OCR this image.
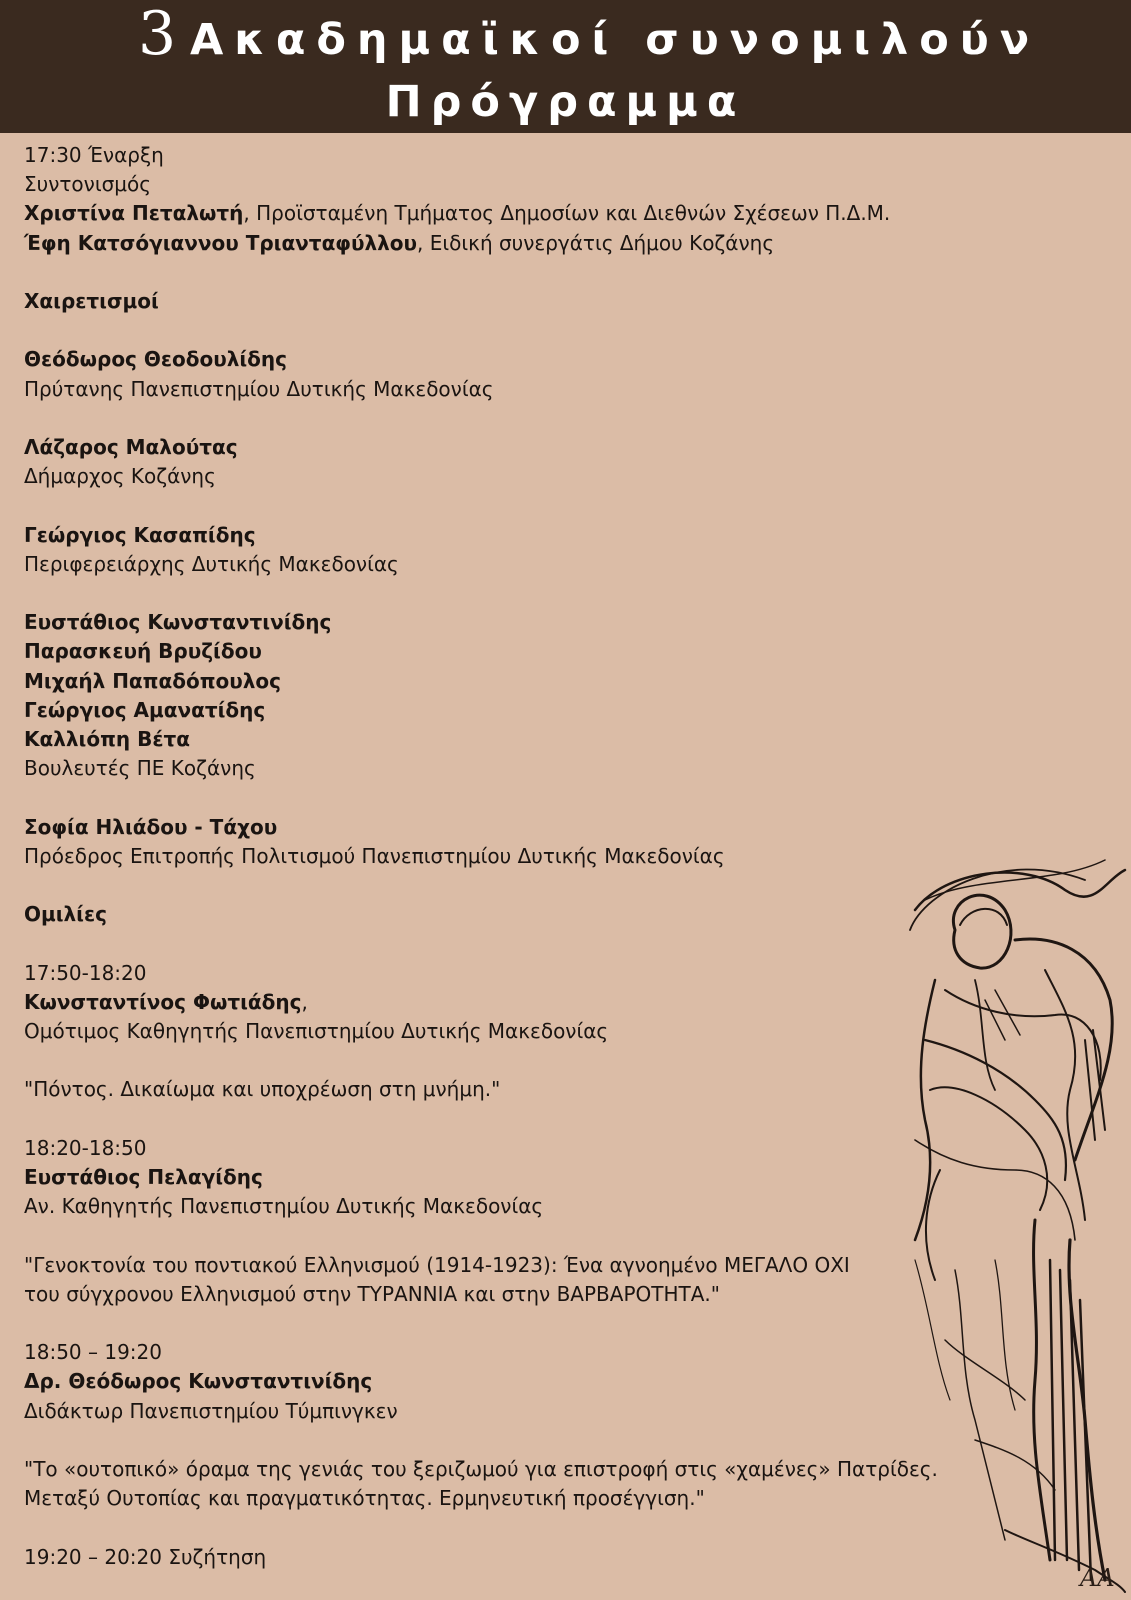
3 Ακαδημαϊκοί συνομιλούν
Πρόγραμμα
17:30 Έναρξη
Συντονισμός
Χριστίνα Πεταλωτή, Προϊσταμένη Τμήματος Δημοσίων και Διεθνών Σχέσεων Π.Δ.Μ.
Έφη Κατσόγιαννου Τριανταφύλλου, Ειδική συνεργάτις Δήμου Κοζάνης
Χαιρετισμοί
Θεόδωρος Θεοδουλίδης
Πρύτανης Πανεπιστημίου Δυτικής Μακεδονίας
Λάζαρος Μαλούτας
Δήμαρχος Κοζάνης
Γεώργιος Κασαπίδης
Περιφερειάρχης Δυτικής Μακεδονίας
Ευστάθιος Κωνσταντινίδης
Παρασκευή Βρυζίδου
Μιχαήλ Παπαδόπουλος
Γεώργιος Αμανατίδης
Καλλιόπη Βέτα
Βουλευτές ΠΕ Κοζάνης
Σοφία Ηλιάδου - Τάχου
Πρόεδρος Επιτροπής Πολιτισμού Πανεπιστημίου Δυτικής Μακεδονίας
Ομιλίες
17:50-18:20
Κωνσταντίνος Φωτιάδης,
Ομότιμος Καθηγητής Πανεπιστημίου Δυτικής Μακεδονίας
"Πόντος. Δικαίωμα και υποχρέωση στη μνήμη."
18:20-18:50
Ευστάθιος Πελαγίδης
Αν. Καθηγητής Πανεπιστημίου Δυτικής Μακεδονίας
"Γενοκτονία του ποντιακού Ελληνισμού (1914-1923): Ένα αγνοημένο ΜΕΓΑΛΟ ΟΧΙ
του σύγχρονου Ελληνισμού στην ΤΥΡΑΝΝΙΑ και στην ΒΑΡΒΑΡΟΤΗΤΑ."
18:50 – 19:20
Δρ. Θεόδωρος Κωνσταντινίδης
Διδάκτωρ Πανεπιστημίου Τύμπινγκεν
"Το «ουτοπικό» όραμα της γενιάς του ξεριζωμού για επιστροφή στις «χαμένες» Πατρίδες.
Μεταξύ Ουτοπίας και πραγματικότητας. Ερμηνευτική προσέγγιση."
19:20 – 20:20 Συζήτηση
AA
